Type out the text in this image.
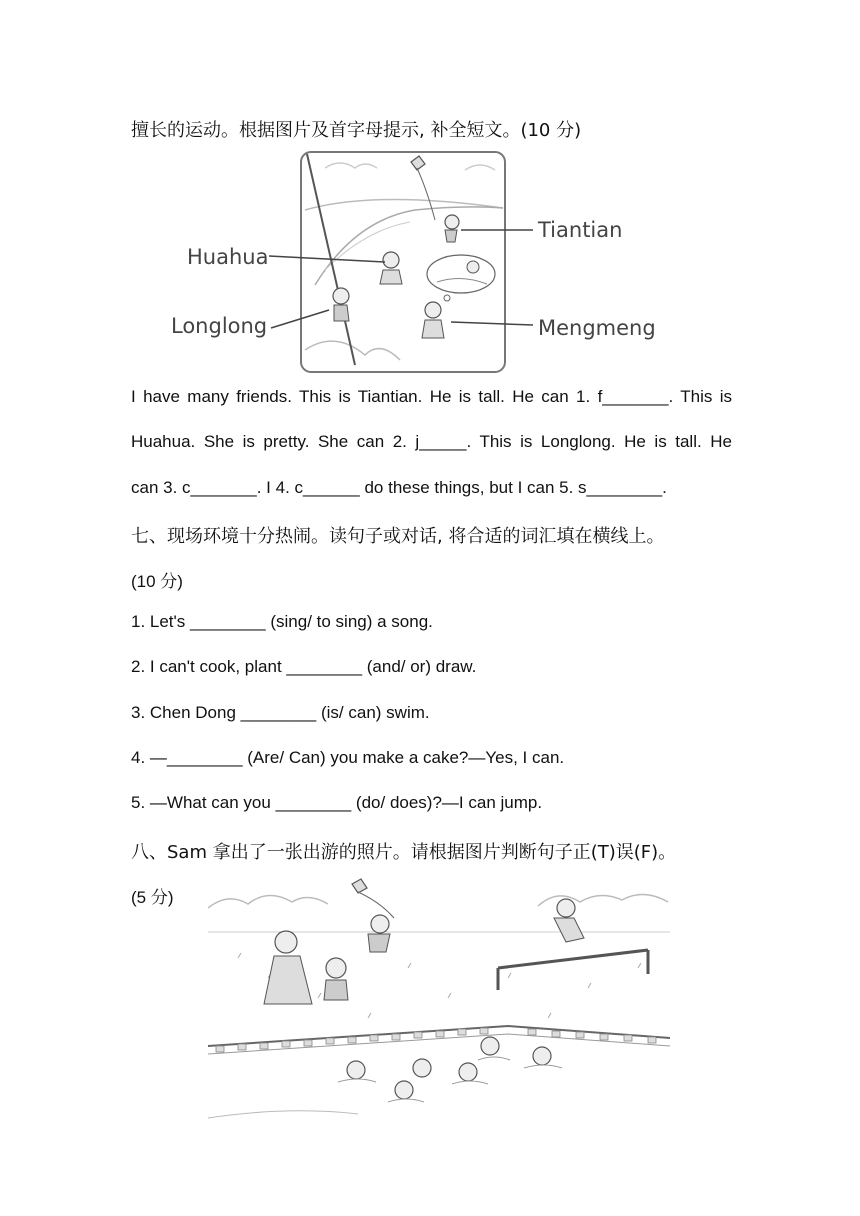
擅长的运动。根据图片及首字母提示, 补全短文。(10 分)
Huahua
Longlong
Tiantian
Mengmeng
I have many friends. This is Tiantian. He is tall. He can 1. f_______. This is
Huahua. She is pretty. She can 2. j_____. This is Longlong. He is tall. He
can 3. c_______. I 4. c______ do these things, but I can 5. s________.
七、现场环境十分热闹。读句子或对话, 将合适的词汇填在横线上。
(10 分)
1. Let's ________ (sing/ to sing) a song.
2. I can't cook, plant ________ (and/ or) draw.
3. Chen Dong ________ (is/ can) swim.
4. —________ (Are/ Can) you make a cake?—Yes, I can.
5. —What can you ________ (do/ does)?—I can jump.
八、Sam 拿出了一张出游的照片。请根据图片判断句子正(T)误(F)。
(5 分)
